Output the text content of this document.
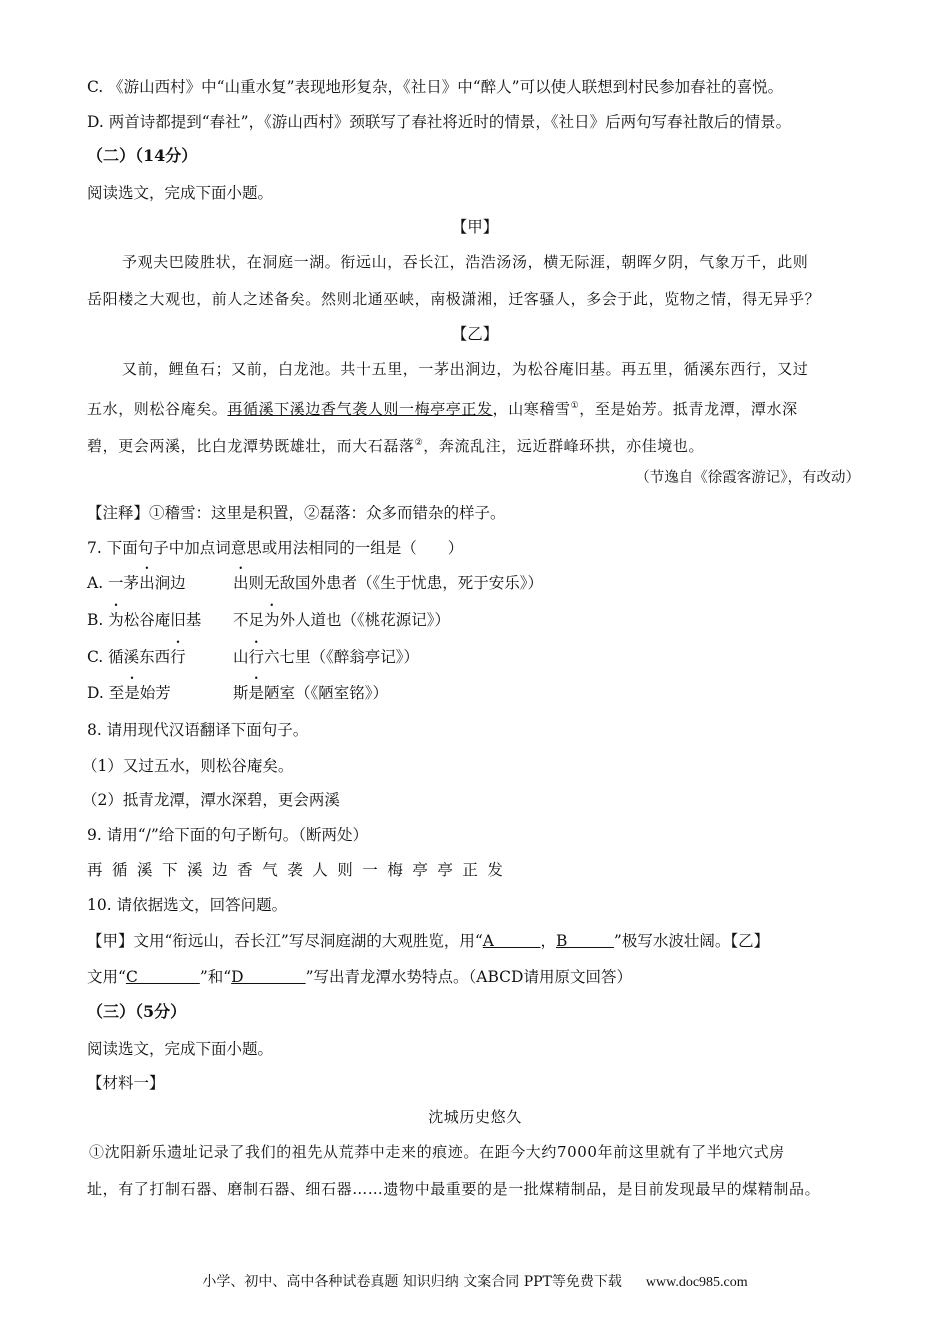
C. 《游山西村》中“山重水复”表现地形复杂，《社日》中“醉人”可以使人联想到村民参加春社的喜悦。
D. 两首诗都提到“春社”，《游山西村》颈联写了春社将近时的情景，《社日》后两句写春社散后的情景。
（二）（14分）
阅读选文，完成下面小题。
【甲】
予观夫巴陵胜状，在洞庭一湖。衔远山，吞长江，浩浩汤汤，横无际涯，朝晖夕阴，气象万千，此则
岳阳楼之大观也，前人之述备矣。然则北通巫峡，南极潇湘，迁客骚人，多会于此，览物之情，得无异乎？
【乙】
又前，鲤鱼石；又前，白龙池。共十五里，一茅出涧边，为松谷庵旧基。再五里，循溪东西行，又过
五水，则松谷庵矣。再循溪下溪边香气袭人则一梅亭亭正发，山寒稽雪①，至是始芳。抵青龙潭，潭水深
碧，更会两溪，比白龙潭势既雄壮，而大石磊落②，奔流乱注，远近群峰环拱，亦佳境也。
（节逸自《徐霞客游记》，有改动）
【注释】①稽雪：这里是积置，②磊落：众多而错杂的样子。
7. 下面句子中加点词意思或用法相同的一组是（　　）
A. 一茅出涧边	出则无敌国外患者（《生于忧患，死于安乐》）
B. 为松谷庵旧基 不足为外人道也（《桃花源记》）
C. 循溪东西行	山行六七里（《醉翁亭记》）
D. 至是始芳	斯是陋室（《陋室铭》）
8. 请用现代汉语翻译下面句子。
（1）又过五水，则松谷庵矣。
（2）抵青龙潭，潭水深碧，更会两溪
9. 请用“/”给下面的句子断句。（断两处）
再 循 溪 下 溪 边 香 气 袭 人 则 一 梅 亭 亭 正 发
10. 请依据选文，回答问题。
【甲】文用“衔远山，吞长江”写尽洞庭湖的大观胜览，用“A　　　，B　　　”极写水波壮阔。【乙】
文用“C　　　　”和“D　　　　”写出青龙潭水势特点。（ABCD请用原文回答）
（三）（5分）
阅读选文，完成下面小题。
【材料一】
沈城历史悠久
①沈阳新乐遗址记录了我们的祖先从荒莽中走来的痕迹。在距今大约7000年前这里就有了半地穴式房
址，有了打制石器、磨制石器、细石器……遗物中最重要的是一批煤精制品，是目前发现最早的煤精制品。
小学、初中、高中各种试卷真题 知识归纳 文案合同 PPT等免费下载 www.doc985.com
